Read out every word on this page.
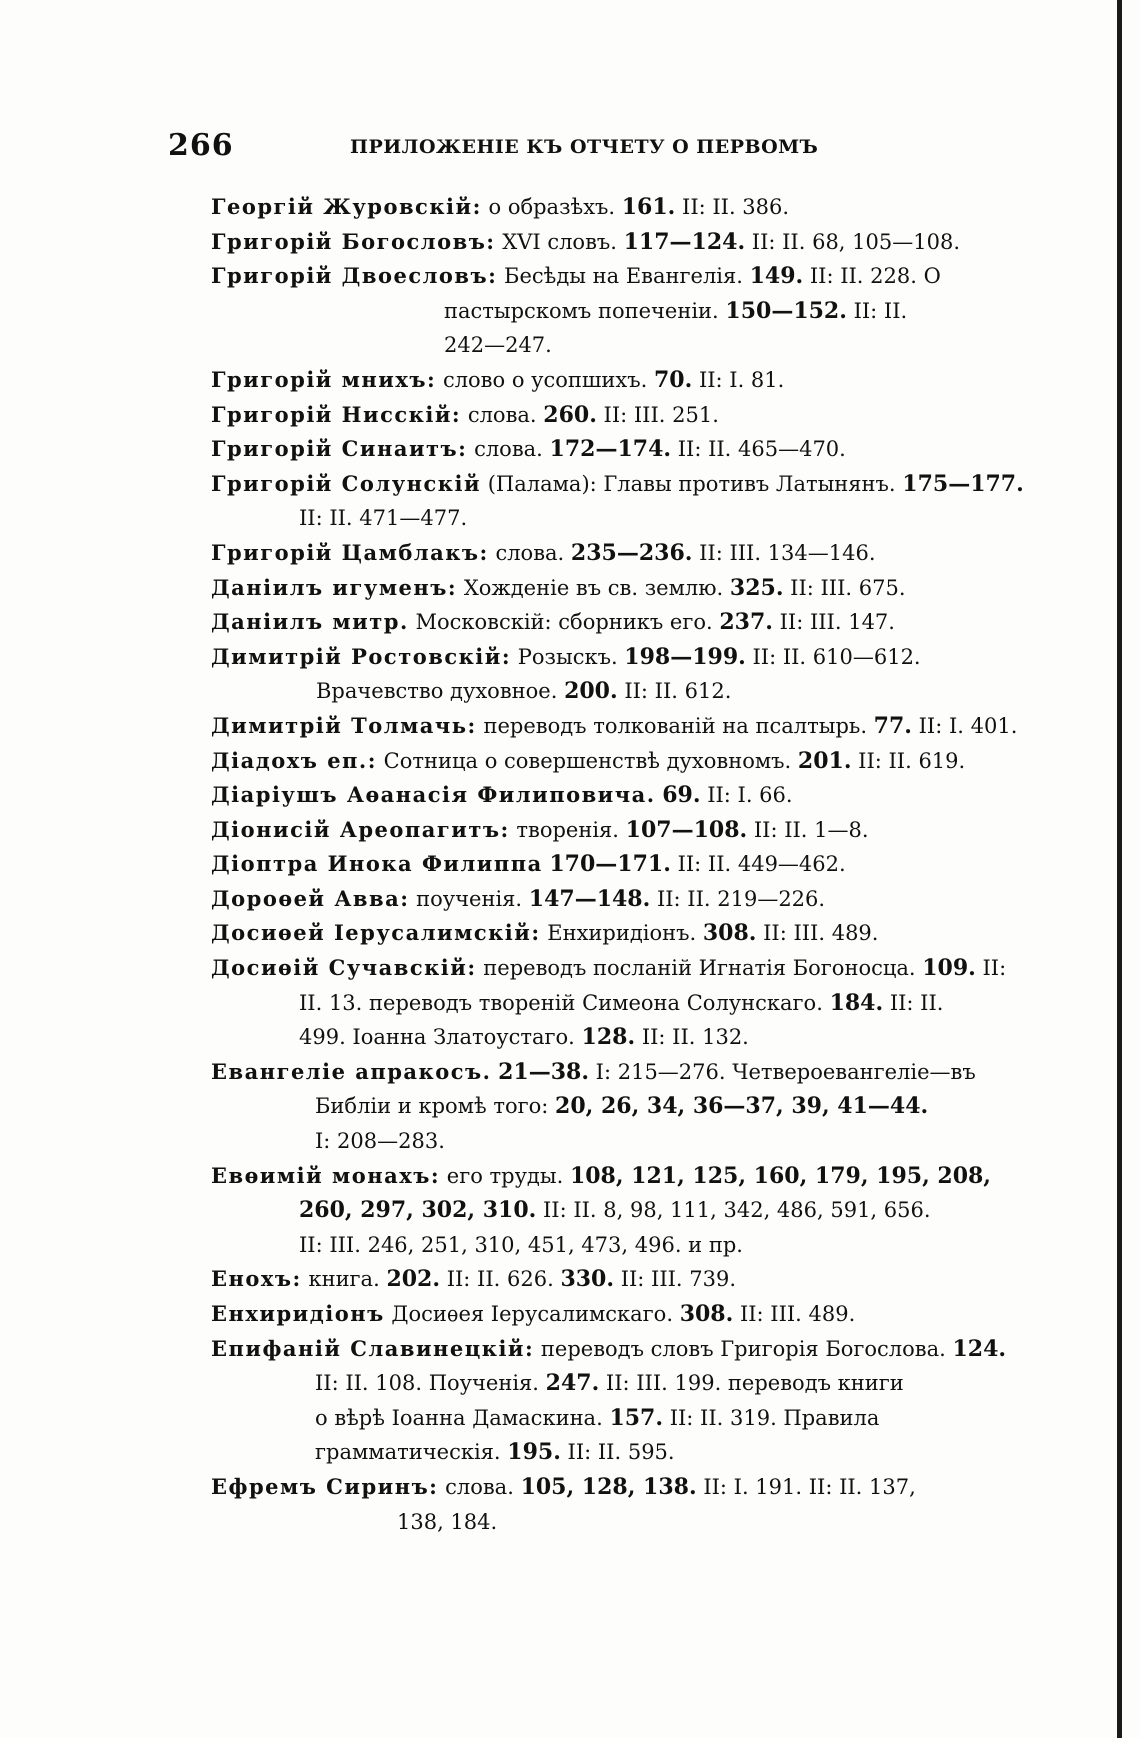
266	ПРИЛОЖЕНІЕ КЪ ОТЧЕТУ О ПЕРВОМЪ
Георгій Журовскій: о образѣхъ. 161. II: II. 386.
Григорій Богословъ: XVI словъ. 117—124. II: II. 68, 105—108.
Григорій Двоесловъ: Бесѣды на Евангелія. 149. II: II. 228. О
пастырскомъ попеченіи. 150—152. II: II.
242—247.
Григорій мнихъ: слово о усопшихъ. 70. II: I. 81.
Григорій Нисскій: слова. 260. II: III. 251.
Григорій Синаитъ: слова. 172—174. II: II. 465—470.
Григорій Солунскій (Палама): Главы противъ Латынянъ. 175—177.
II: II. 471—477.
Григорій Цамблакъ: слова. 235—236. II: III. 134—146.
Даніилъ игуменъ: Хожденіе въ св. землю. 325. II: III. 675.
Даніилъ митр. Московскій: сборникъ его. 237. II: III. 147.
Димитрій Ростовскій: Розыскъ. 198—199. II: II. 610—612.
Врачевство духовное. 200. II: II. 612.
Димитрій Толмачь: переводъ толкованій на псалтырь. 77. II: I. 401.
Діадохъ еп.: Сотница о совершенствѣ духовномъ. 201. II: II. 619.
Діаріушъ Аѳанасія Филиповича. 69. II: I. 66.
Діонисій Ареопагитъ: творенія. 107—108. II: II. 1—8.
Діоптра Инока Филиппа 170—171. II: II. 449—462.
Дороѳей Авва: поученія. 147—148. II: II. 219—226.
Досиѳей Іерусалимскій: Енхиридіонъ. 308. II: III. 489.
Досиѳій Сучавскій: переводъ посланій Игнатія Богоносца. 109. II:
II. 13. переводъ твореній Симеона Солунскаго. 184. II: II.
499. Іоанна Златоустаго. 128. II: II. 132.
Евангеліе апракосъ. 21—38. I: 215—276. Четвероевангеліе—въ
Библіи и кромѣ того: 20, 26, 34, 36—37, 39, 41—44.
I: 208—283.
Евѳимій монахъ: его труды. 108, 121, 125, 160, 179, 195, 208,
260, 297, 302, 310. II: II. 8, 98, 111, 342, 486, 591, 656.
II: III. 246, 251, 310, 451, 473, 496. и пр.
Енохъ: книга. 202. II: II. 626. 330. II: III. 739.
Енхиридіонъ Досиѳея Іерусалимскаго. 308. II: III. 489.
Епифаній Славинецкій: переводъ словъ Григорія Богослова. 124.
II: II. 108. Поученія. 247. II: III. 199. переводъ книги
о вѣрѣ Іоанна Дамаскина. 157. II: II. 319. Правила
грамматическія. 195. II: II. 595.
Ефремъ Сиринъ: слова. 105, 128, 138. II: I. 191. II: II. 137,
138, 184.
